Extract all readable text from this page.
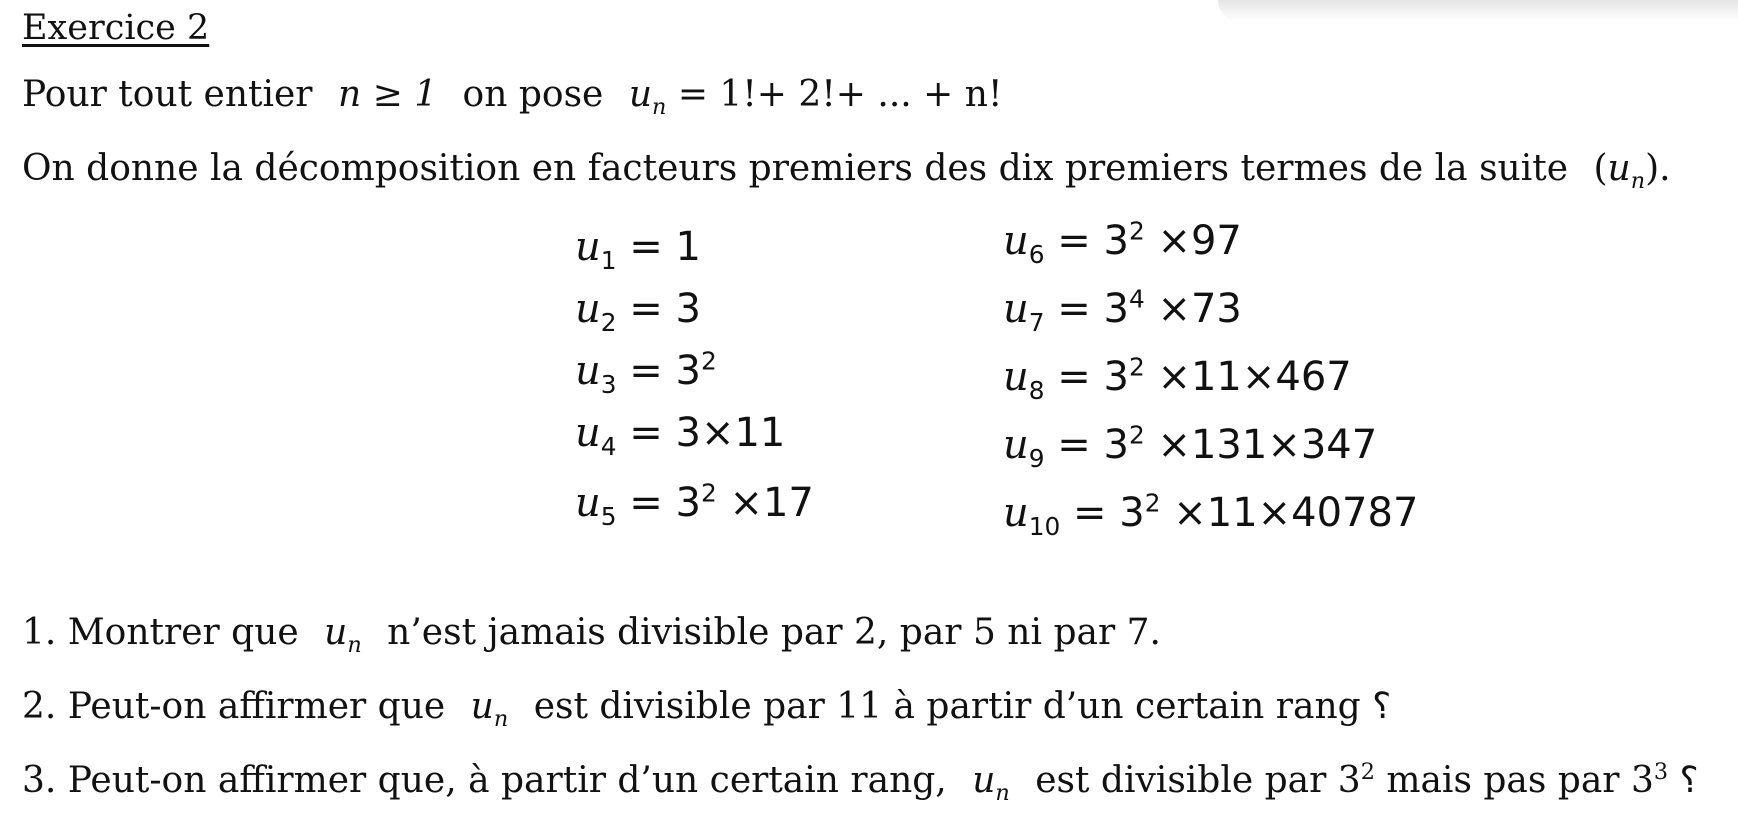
Exercice 2
Pour tout entier n ≥ 1 on pose $u_n = 1!+ 2!+$ ... + n!
On donne la décomposition en facteurs premiers des dix premiers termes de la suite $(u_n)$.
$u_1 = 1$
$u_2 = 3$
$u_3 = 3^2$
$u_4 = 3\times 11$
$u_5 = 3^2 \times 17$
$u_6 = 3^2 \times 97$
$u_7 = 3^4 \times 73$
$u_8 = 3^2 \times 11\times 467$
$u_9 = 3^2 \times 131\times 347$
$u_{10} = 3^2 \times 11\times 40787$
1. Montrer que $u_n$ n’est jamais divisible par 2, par 5 ni par 7.
2. Peut-on affirmer que $u_n$ est divisible par 11 à partir d’un certain rang ؟
3. Peut-on affirmer que, à partir d’un certain rang, $u_n$ est divisible par $3^2$ mais pas par $3^3$ ؟
